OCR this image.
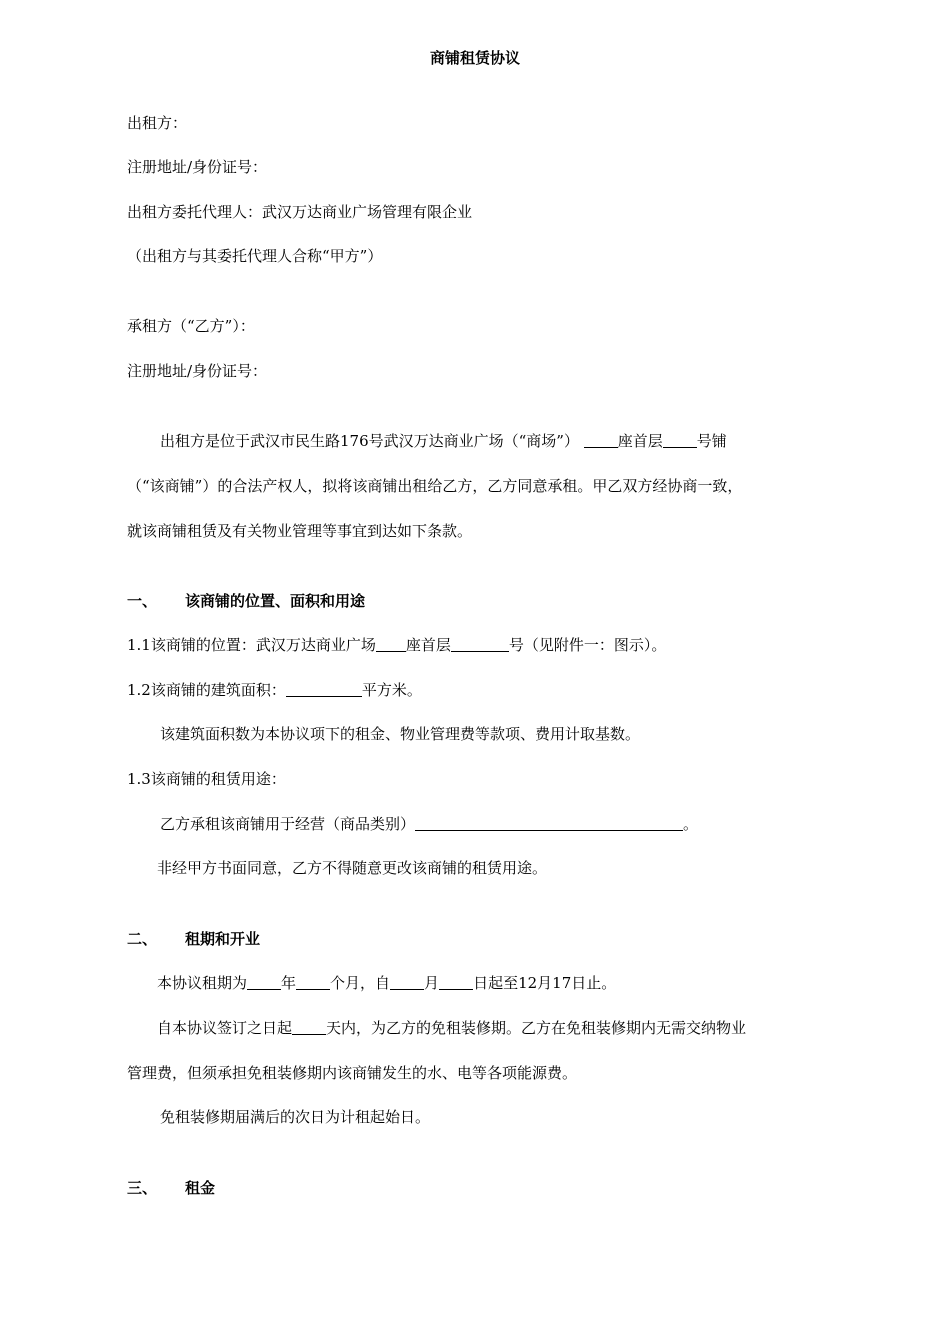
商铺租赁协议
出租方：
注册地址/身份证号：
出租方委托代理人：武汉万达商业广场管理有限企业
（出租方与其委托代理人合称“甲方”）
承租方（“乙方”）：
注册地址/身份证号：
出租方是位于武汉市民生路176号武汉万达商业广场（“商场”）	座首层 号铺
（“该商铺”）的合法产权人，拟将该商铺出租给乙方，乙方同意承租。甲乙双方经协商一致，
就该商铺租赁及有关物业管理等事宜到达如下条款。
一、 该商铺的位置、面积和用途
1.1该商铺的位置：武汉万达商业广场 座首层	号（见附件一：图示）。
1.2该商铺的建筑面积：	平方米。
该建筑面积数为本协议项下的租金、物业管理费等款项、费用计取基数。
1.3该商铺的租赁用途：
乙方承租该商铺用于经营（商品类别）	。
非经甲方书面同意，乙方不得随意更改该商铺的租赁用途。
二、 租期和开业
本协议租期为 年 个月，自 月 日起至12月17日止。
自本协议签订之日起 天内，为乙方的免租装修期。乙方在免租装修期内无需交纳物业
管理费，但须承担免租装修期内该商铺发生的水、电等各项能源费。
免租装修期届满后的次日为计租起始日。
三、 租金
